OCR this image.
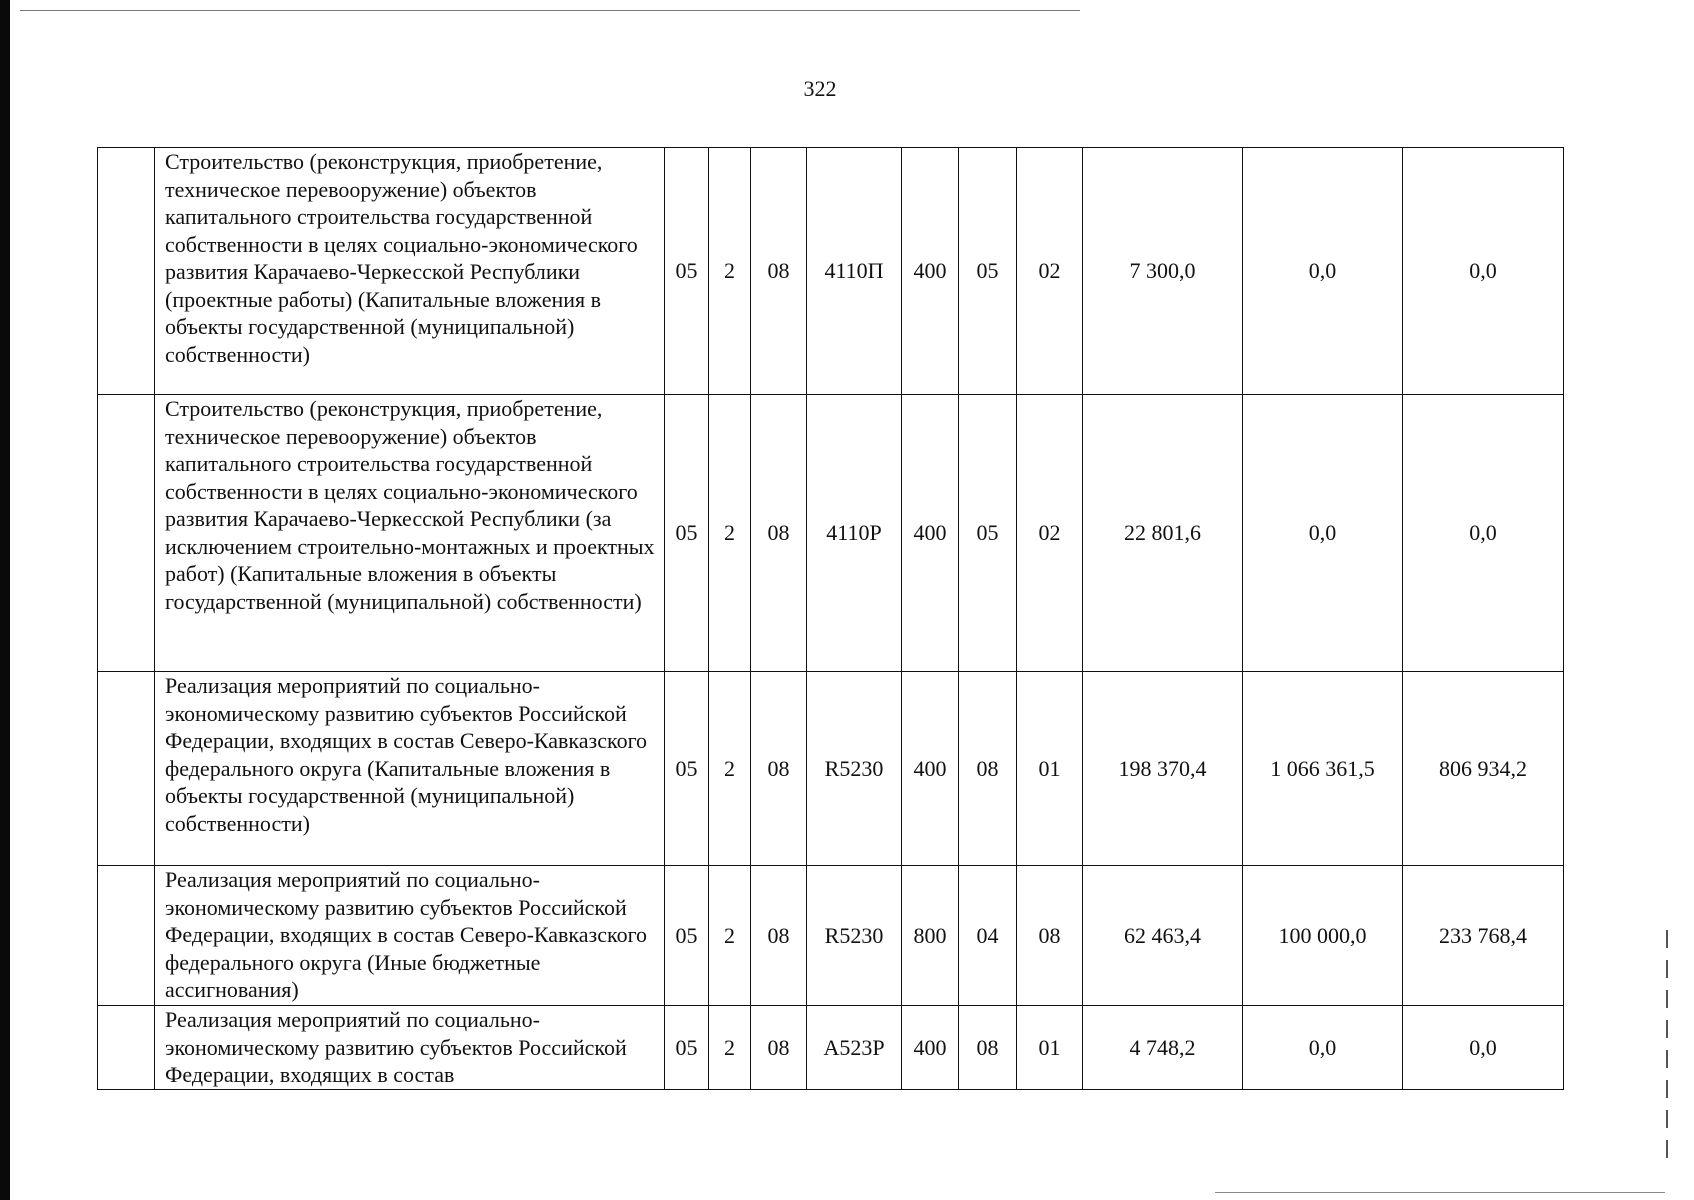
322
	Строительство (реконструкция, приобретение, техническое перевооружение) объектов капитального строительства государственной собственности в целях социально-экономического развития Карачаево-Черкесской Республики (проектные работы) (Капитальные вложения в объекты государственной (муниципальной) собственности)	05	2	08	4110П	400	05	02	7 300,0	0,0	0,0
	Строительство (реконструкция, приобретение, техническое перевооружение) объектов капитального строительства государственной собственности в целях социально-экономического развития Карачаево-Черкесской Республики (за исключением строительно-монтажных и проектных работ) (Капитальные вложения в объекты государственной (муниципальной) собственности)	05	2	08	4110Р	400	05	02	22 801,6	0,0	0,0
	Реализация мероприятий по социально-экономическому развитию субъектов Российской Федерации, входящих в состав Северо-Кавказского федерального округа (Капитальные вложения в объекты государственной (муниципальной) собственности)	05	2	08	R5230	400	08	01	198 370,4	1 066 361,5	806 934,2
	Реализация мероприятий по социально-экономическому развитию субъектов Российской Федерации, входящих в состав Северо-Кавказского федерального округа (Иные бюджетные ассигнования)	05	2	08	R5230	800	04	08	62 463,4	100 000,0	233 768,4
	Реализация мероприятий по социально-экономическому развитию субъектов Российской Федерации, входящих в состав	05	2	08	A523P	400	08	01	4 748,2	0,0	0,0
